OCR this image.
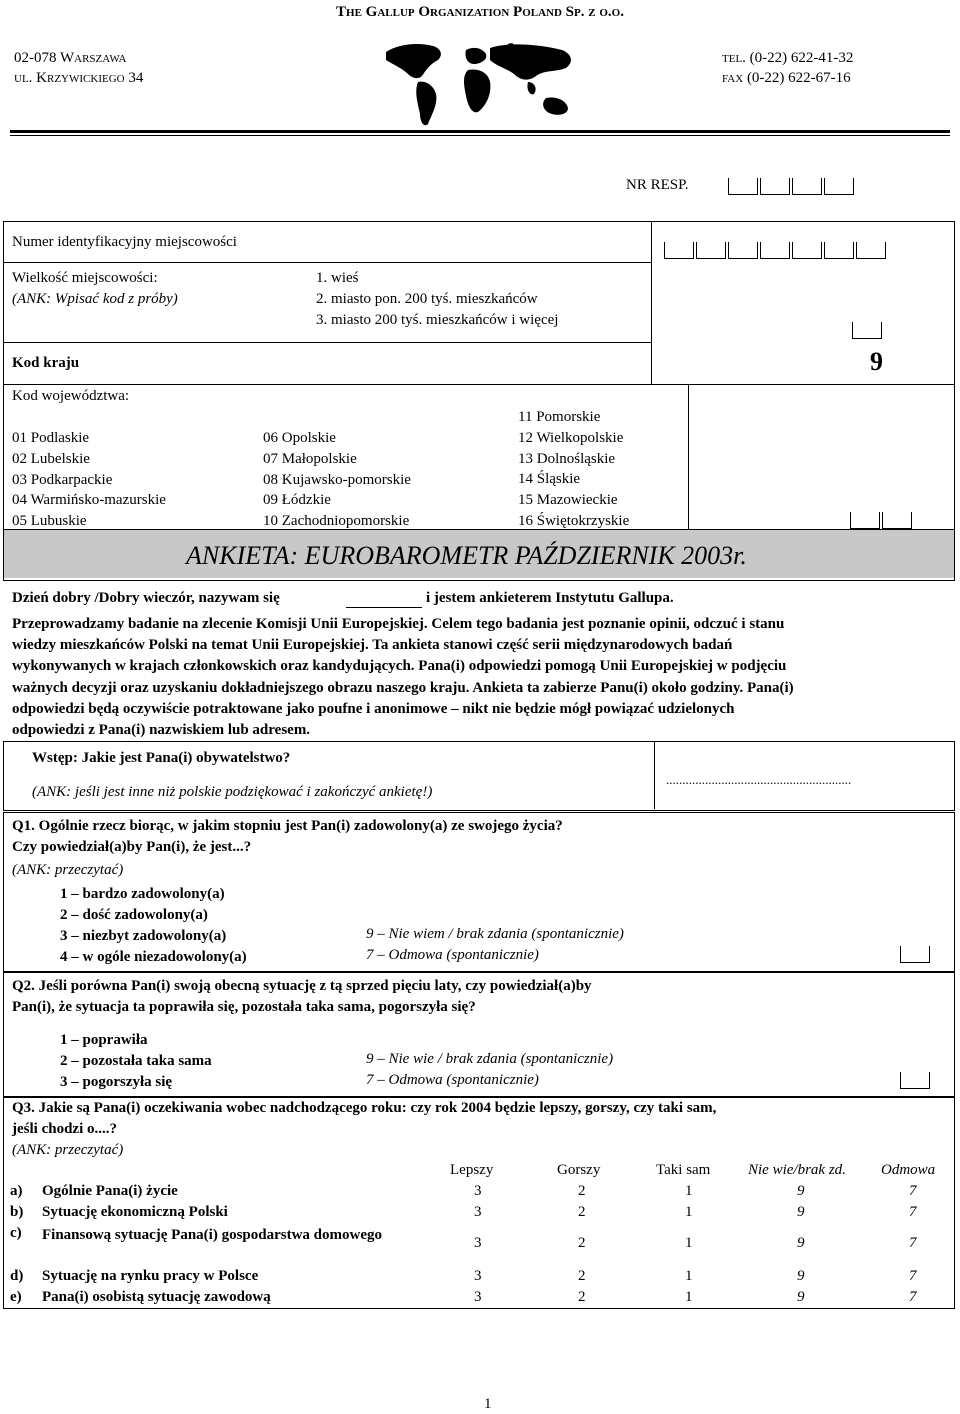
The Gallup Organization Poland Sp. z o.o.
02-078 Warszawa
ul. Krzywickiego 34
tel. (0-22) 622-41-32
fax (0-22) 622-67-16
NR RESP.
Numer identyfikacyjny miejscowości
Wielkość miejscowości:
(ANK: Wpisać kod z próby)
1. wieś
2. miasto pon. 200 tyś. mieszkańców
3. miasto 200 tyś. mieszkańców i więcej
Kod kraju	9
Kod województwa:
01 Podlaskie
02 Lubelskie
03 Podkarpackie
04 Warmińsko-mazurskie
05 Lubuskie
06 Opolskie
07 Małopolskie
08 Kujawsko-pomorskie
09 Łódzkie
10 Zachodniopomorskie
11 Pomorskie
12 Wielkopolskie
13 Dolnośląskie
14 Śląskie
15 Mazowieckie
16 Świętokrzyskie
ANKIETA: EUROBAROMETR PAŹDZIERNIK 2003r.
Dzień dobry /Dobry wieczór, nazywam się	i jestem ankieterem Instytutu Gallupa.
Przeprowadzamy badanie na zlecenie Komisji Unii Europejskiej. Celem tego badania jest poznanie opinii, odczuć i stanu
wiedzy mieszkańców Polski na temat Unii Europejskiej. Ta ankieta stanowi część serii międzynarodowych badań
wykonywanych w krajach członkowskich oraz kandydujących. Pana(i) odpowiedzi pomogą Unii Europejskiej w podjęciu
ważnych decyzji oraz uzyskaniu dokładniejszego obrazu naszego kraju. Ankieta ta zabierze Panu(i) około godziny. Pana(i)
odpowiedzi będą oczywiście potraktowane jako poufne i anonimowe – nikt nie będzie mógł powiązać udzielonych
odpowiedzi z Pana(i) nazwiskiem lub adresem.
Wstęp: Jakie jest Pana(i) obywatelstwo?
(ANK: jeśli jest inne niż polskie podziękować i zakończyć ankietę!)
.........................................................
Q1. Ogólnie rzecz biorąc, w jakim stopniu jest Pan(i) zadowolony(a) ze swojego życia?
Czy powiedział(a)by Pan(i), że jest...?
(ANK: przeczytać)
1 – bardzo zadowolony(a)
2 – dość zadowolony(a)
3 – niezbyt zadowolony(a)
4 – w ogóle niezadowolony(a)
9 – Nie wiem / brak zdania (spontanicznie)
7 – Odmowa (spontanicznie)
Q2. Jeśli porówna Pan(i) swoją obecną sytuację z tą sprzed pięciu laty, czy powiedział(a)by
Pan(i), że sytuacja ta poprawiła się, pozostała taka sama, pogorszyła się?
1 – poprawiła
2 – pozostała taka sama
3 – pogorszyła się
9 – Nie wie / brak zdania (spontanicznie)
7 – Odmowa (spontanicznie)
Q3. Jakie są Pana(i) oczekiwania wobec nadchodzącego roku: czy rok 2004 będzie lepszy, gorszy, czy taki sam,
jeśli chodzi o....?
(ANK: przeczytać)
Lepszy	Gorszy	Taki sam	Nie wie/brak zd. Odmowa
a) Ogólnie Pana(i) życie	3	2	1	9	7
b) Sytuację ekonomiczną Polski	3	2	1	9	7
c) Finansową sytuację Pana(i) gospodarstwa domowego	3	2	1	9	7
d) Sytuację na rynku pracy w Polsce	3	2	1	9	7
e) Pana(i) osobistą sytuację zawodową	3	2	1	9	7
1
